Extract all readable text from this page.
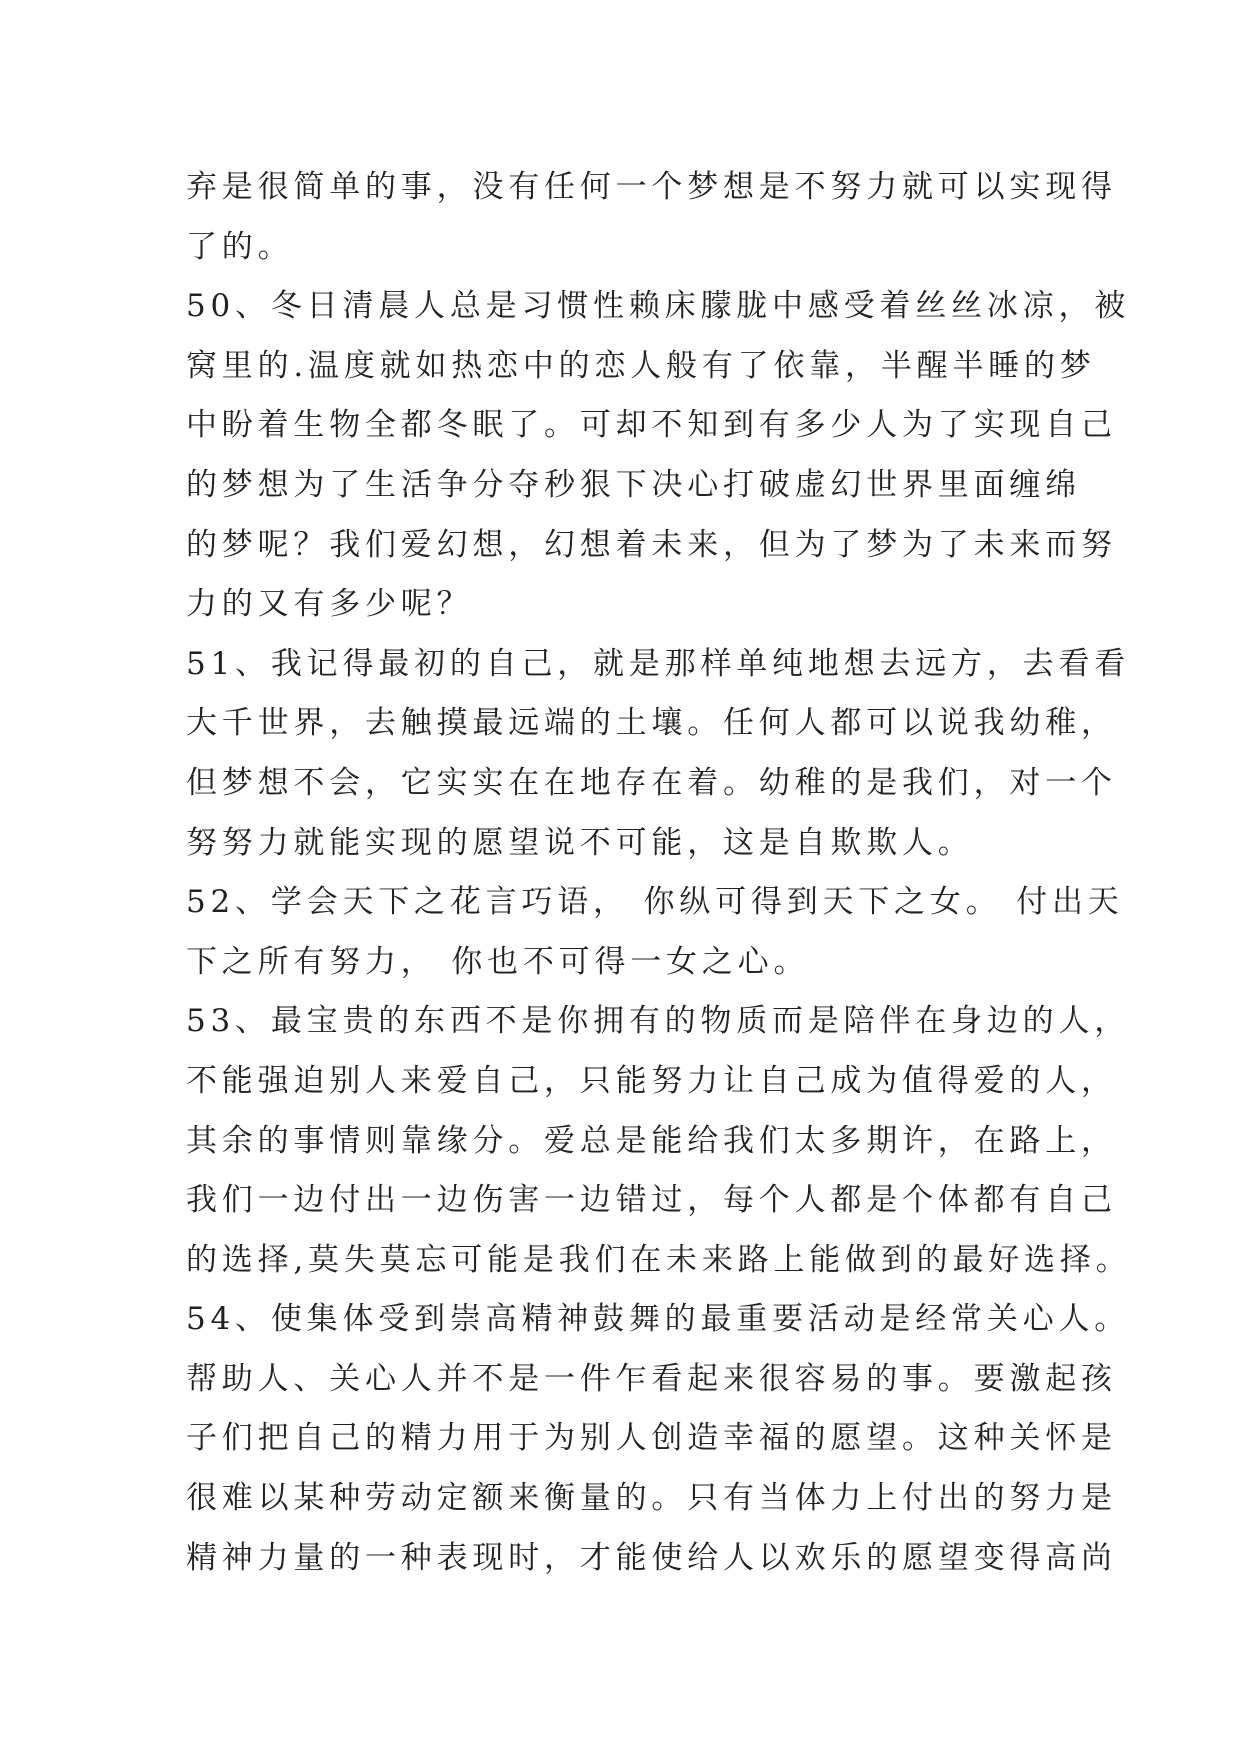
弃是很简单的事，没有任何一个梦想是不努力就可以实现得

了的。

50、冬日清晨人总是习惯性赖床朦胧中感受着丝丝冰凉，被

窝里的.温度就如热恋中的恋人般有了依靠，半醒半睡的梦

中盼着生物全都冬眠了。可却不知到有多少人为了实现自己

的梦想为了生活争分夺秒狠下决心打破虚幻世界里面缠绵

的梦呢？我们爱幻想，幻想着未来，但为了梦为了未来而努

力的又有多少呢？

51、我记得最初的自己，就是那样单纯地想去远方，去看看

大千世界，去触摸最远端的土壤。任何人都可以说我幼稚，

但梦想不会，它实实在在地存在着。幼稚的是我们，对一个

努努力就能实现的愿望说不可能，这是自欺欺人。

52、学会天下之花言巧语， 你纵可得到天下之女。 付出天

下之所有努力， 你也不可得一女之心。

53、最宝贵的东西不是你拥有的物质而是陪伴在身边的人，

不能强迫别人来爱自己，只能努力让自己成为值得爱的人，

其余的事情则靠缘分。爱总是能给我们太多期许，在路上，

我们一边付出一边伤害一边错过，每个人都是个体都有自己

的选择,莫失莫忘可能是我们在未来路上能做到的最好选择。

54、使集体受到崇高精神鼓舞的最重要活动是经常关心人。

帮助人、关心人并不是一件乍看起来很容易的事。要激起孩

子们把自己的精力用于为别人创造幸福的愿望。这种关怀是

很难以某种劳动定额来衡量的。只有当体力上付出的努力是

精神力量的一种表现时，才能使给人以欢乐的愿望变得高尚
